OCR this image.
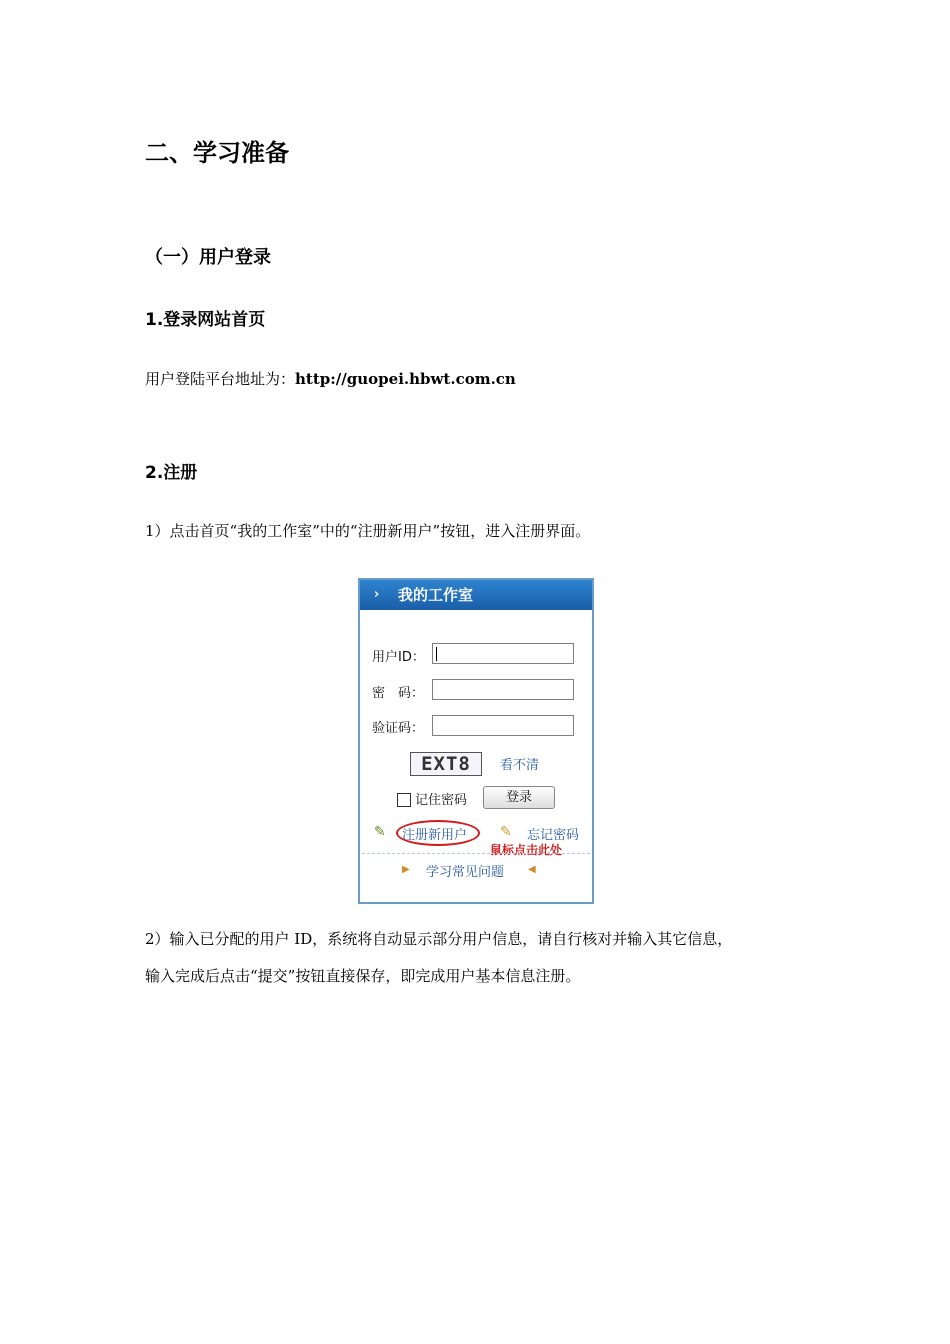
二、学习准备
（一）用户登录
1.登录网站首页
用户登陆平台地址为：http://guopei.hbwt.com.cn
2.注册
1）点击首页“我的工作室”中的“注册新用户”按钮，进入注册界面。
› 我的工作室
用户ID：
密　码：
验证码：
EXT8	看不清
记住密码	登录
✎ 注册新用户 ✎ 忘记密码
鼠标点击此处
▶ 学习常见问题 ◀
2）输入已分配的用户 ID，系统将自动显示部分用户信息，请自行核对并输入其它信息，
输入完成后点击“提交”按钮直接保存，即完成用户基本信息注册。
